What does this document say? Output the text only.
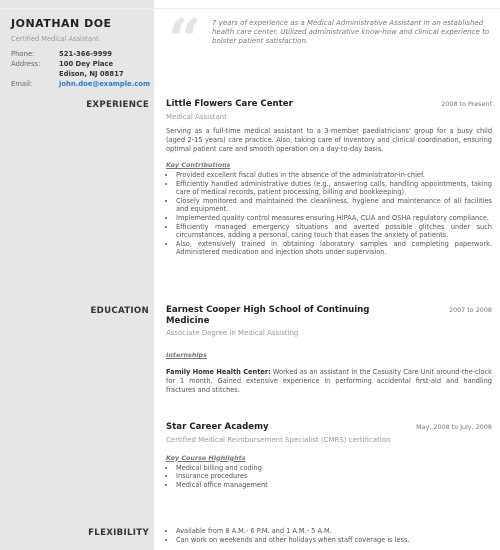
JONATHAN DOE
Certified Medical Assistant
Phone:	521-366-9999
Address:	100 Dey Place
Edison, NJ 08817
Email:	john.doe@example.com
“ 7 years of experience as a Medical Administrative Assistant in an established health care center. Utilized administrative know-how and clinical experience to bolster patient satisfaction.
EXPERIENCE Little Flowers Care Center	2008 to Present
Medical Assistant
Serving as a full-time medical assistant to a 3-member paediatricians' group for a busy child (aged 2-15 years) care practice. Also, taking care of inventory and clinical coordination, ensuring optimal patient care and smooth operation on a day-to-day basis.
Key Contributions
• Provided excellent fiscal duties in the absence of the administrator-in-chief.
• Efficiently handled administrative duties (e.g., answering calls, handling appointments, taking care of medical records, patient processing, billing and bookkeeping).
• Closely monitored and maintained the cleanliness, hygiene and maintenance of all facilities and equipment.
• Implemented quality control measures ensuring HIPAA, CLIA and OSHA regulatory compliance.
• Efficiently managed emergency situations and averted possible glitches under such circumstances, adding a personal, caring touch that eases the anxiety of patients.
• Also, extensively trained in obtaining laboratory samples and completing paperwork. Administered medication and injection shots under supervision.
EDUCATION Earnest Cooper High School of Continuing Medicine
2007 to 2008
Associate Degree in Medical Assisting
Internships
Family Home Health Center: Worked as an assistant in the Casualty Care Unit around-the-clock for 1 month. Gained extensive experience in performing accidental first-aid and handling fractures and stitches.
Star Career Academy	May, 2008 to July, 2008
Certified Medical Reimbursement Specialist (CMRS) certification
Key Course Highlights
• Medical billing and coding
• Insurance procedures
• Medical office management
FLEXIBILITY
•	Available from 8 A.M.- 6 P.M. and 1 A.M.- 5 A.M.
• Can work on weekends and other holidays when staff coverage is less.
